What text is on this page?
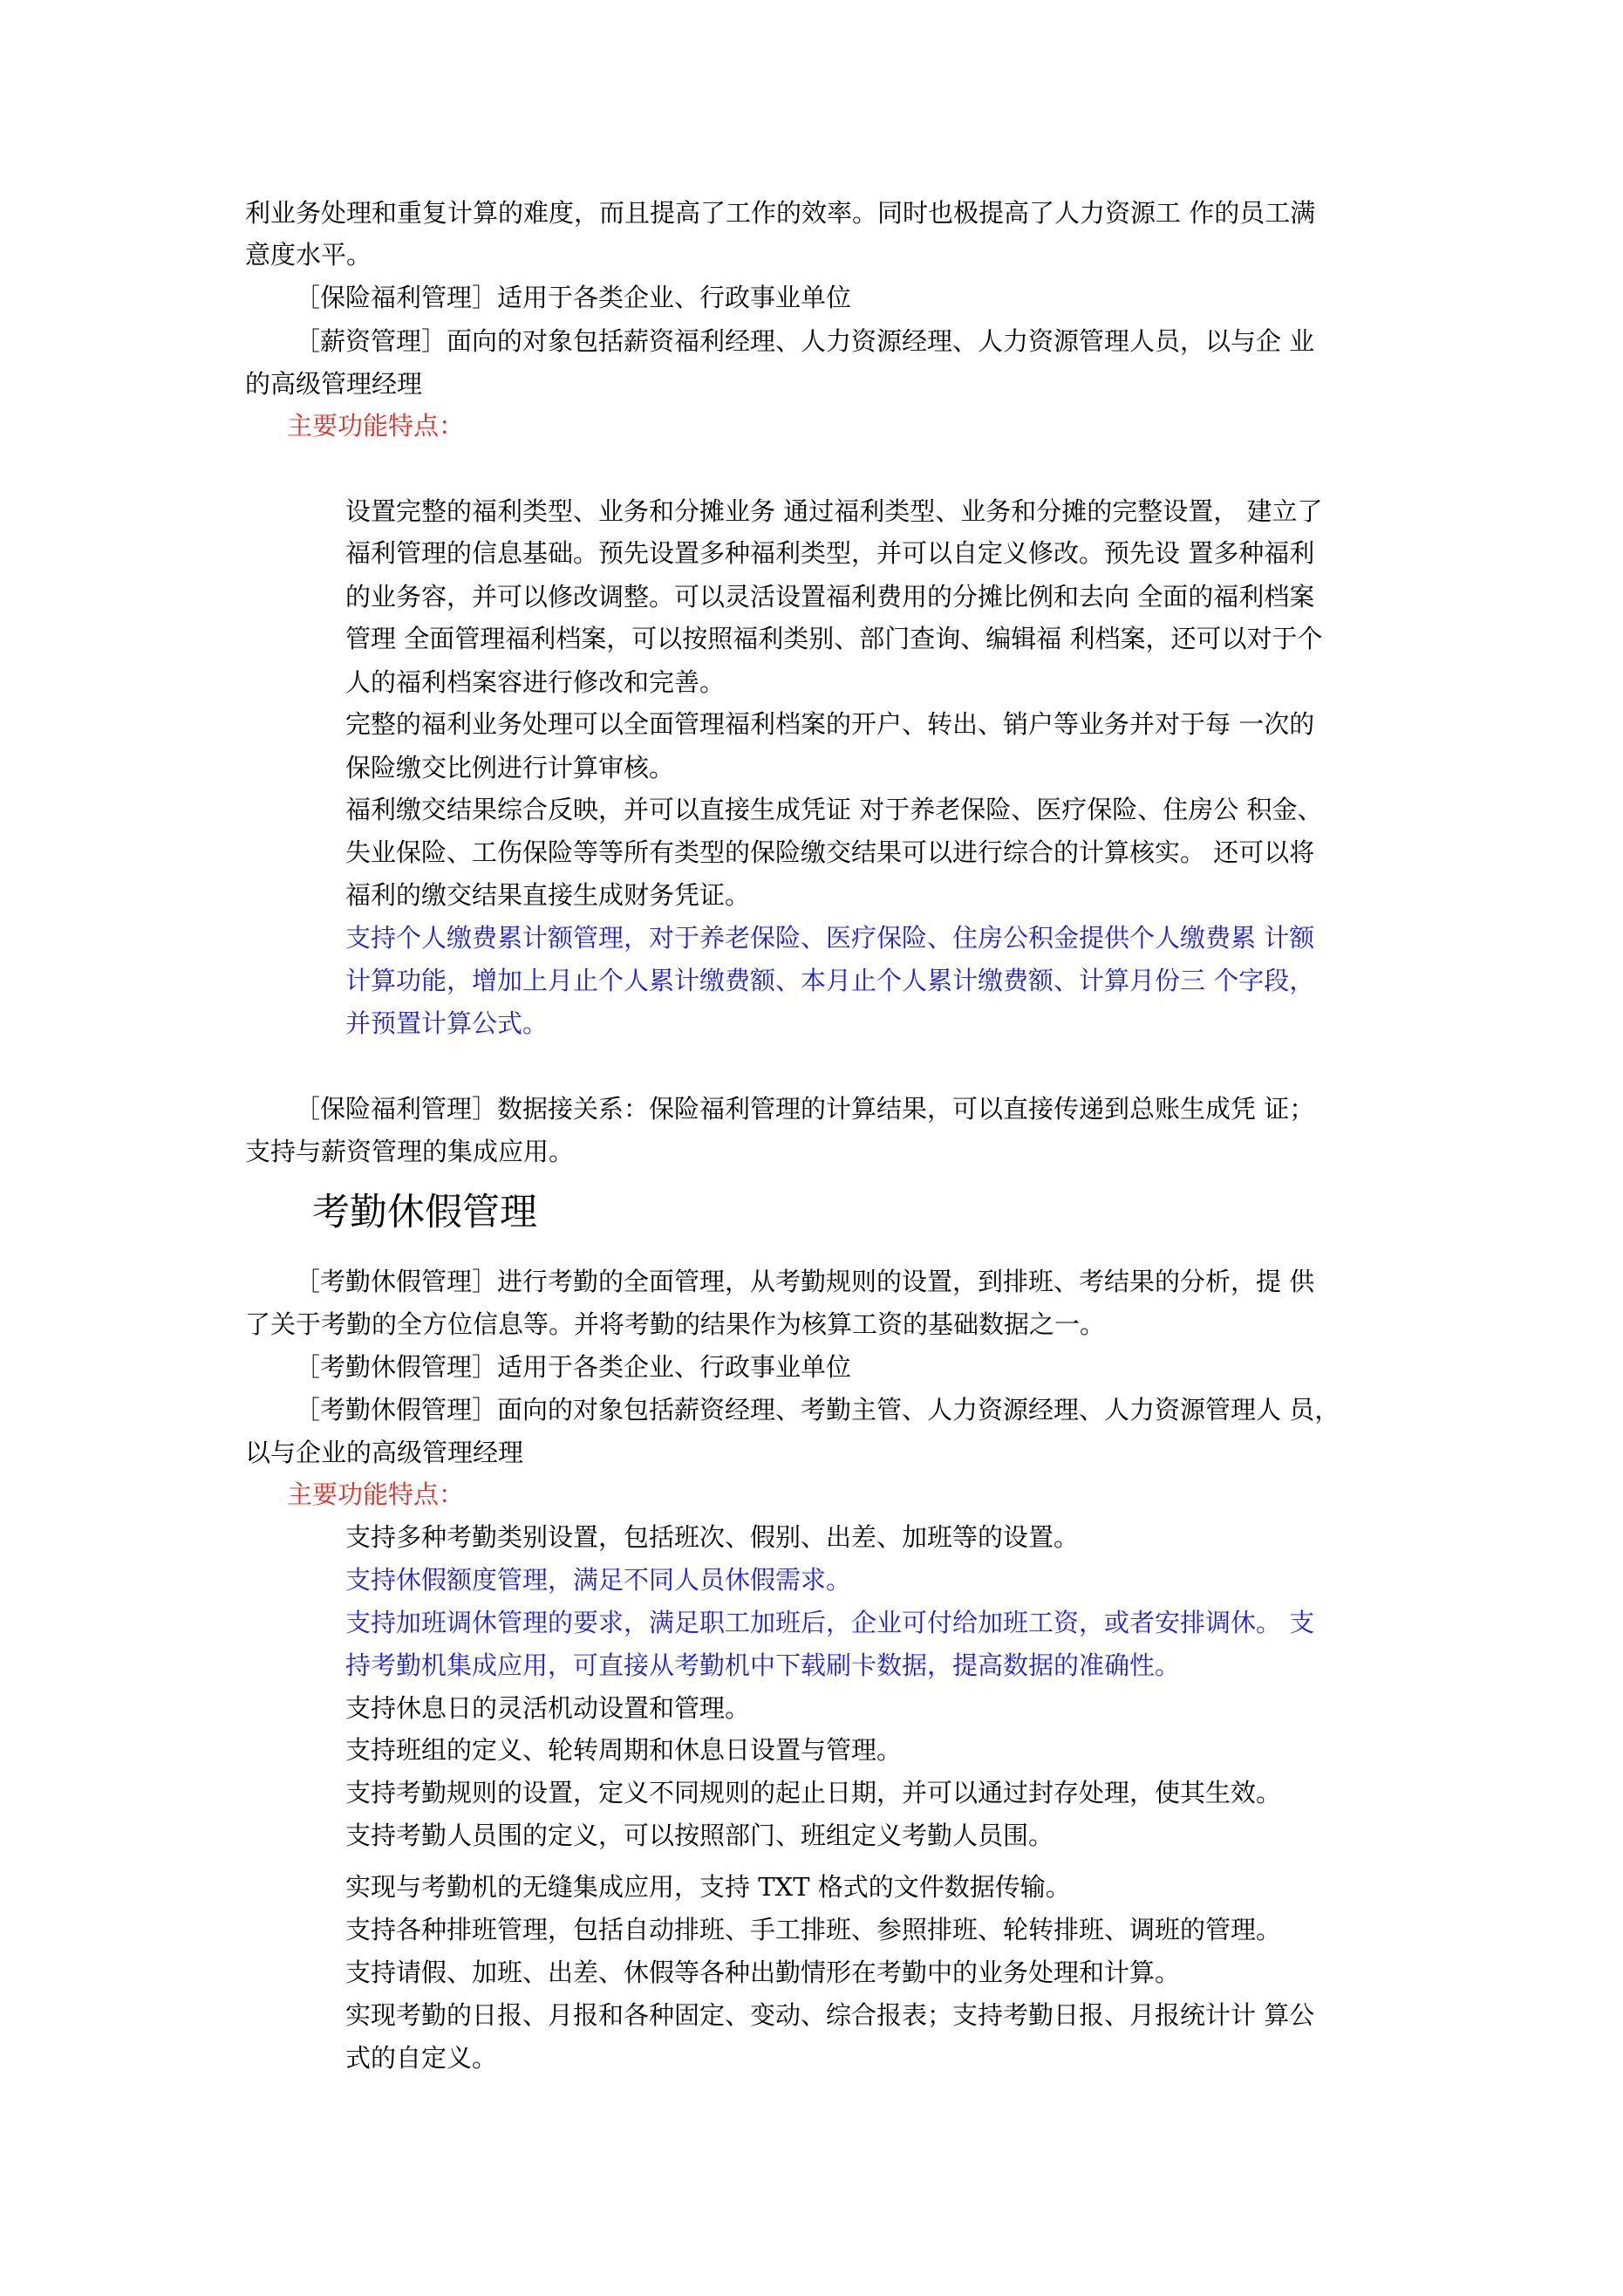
利业务处理和重复计算的难度，而且提高了工作的效率。同时也极提高了人力资源工 作的员工满
意度水平。
［保险福利管理］适用于各类企业、行政事业单位
［薪资管理］面向的对象包括薪资福利经理、人力资源经理、人力资源管理人员，以与企 业
的高级管理经理
主要功能特点：
设置完整的福利类型、业务和分摊业务 通过福利类型、业务和分摊的完整设置， 建立了
福利管理的信息基础。预先设置多种福利类型，并可以自定义修改。预先设 置多种福利
的业务容，并可以修改调整。可以灵活设置福利费用的分摊比例和去向 全面的福利档案
管理 全面管理福利档案，可以按照福利类别、部门查询、编辑福 利档案，还可以对于个
人的福利档案容进行修改和完善。
完整的福利业务处理可以全面管理福利档案的开户、转出、销户等业务并对于每 一次的
保险缴交比例进行计算审核。
福利缴交结果综合反映，并可以直接生成凭证 对于养老保险、医疗保险、住房公 积金、
失业保险、工伤保险等等所有类型的保险缴交结果可以进行综合的计算核实。 还可以将
福利的缴交结果直接生成财务凭证。
支持个人缴费累计额管理，对于养老保险、医疗保险、住房公积金提供个人缴费累 计额
计算功能，增加上月止个人累计缴费额、本月止个人累计缴费额、计算月份三 个字段，
并预置计算公式。
［保险福利管理］数据接关系：保险福利管理的计算结果，可以直接传递到总账生成凭 证；
支持与薪资管理的集成应用。
考勤休假管理
［考勤休假管理］进行考勤的全面管理，从考勤规则的设置，到排班、考结果的分析，提 供
了关于考勤的全方位信息等。并将考勤的结果作为核算工资的基础数据之一。
［考勤休假管理］适用于各类企业、行政事业单位
［考勤休假管理］面向的对象包括薪资经理、考勤主管、人力资源经理、人力资源管理人 员，
以与企业的高级管理经理
主要功能特点：
支持多种考勤类别设置，包括班次、假别、出差、加班等的设置。
支持休假额度管理，满足不同人员休假需求。
支持加班调休管理的要求，满足职工加班后，企业可付给加班工资，或者安排调休。 支
持考勤机集成应用，可直接从考勤机中下载刷卡数据，提高数据的准确性。
支持休息日的灵活机动设置和管理。
支持班组的定义、轮转周期和休息日设置与管理。
支持考勤规则的设置，定义不同规则的起止日期，并可以通过封存处理，使其生效。
支持考勤人员围的定义，可以按照部门、班组定义考勤人员围。
实现与考勤机的无缝集成应用，支持 TXT 格式的文件数据传输。
支持各种排班管理，包括自动排班、手工排班、参照排班、轮转排班、调班的管理。
支持请假、加班、出差、休假等各种出勤情形在考勤中的业务处理和计算。
实现考勤的日报、月报和各种固定、变动、综合报表；支持考勤日报、月报统计计 算公
式的自定义。
